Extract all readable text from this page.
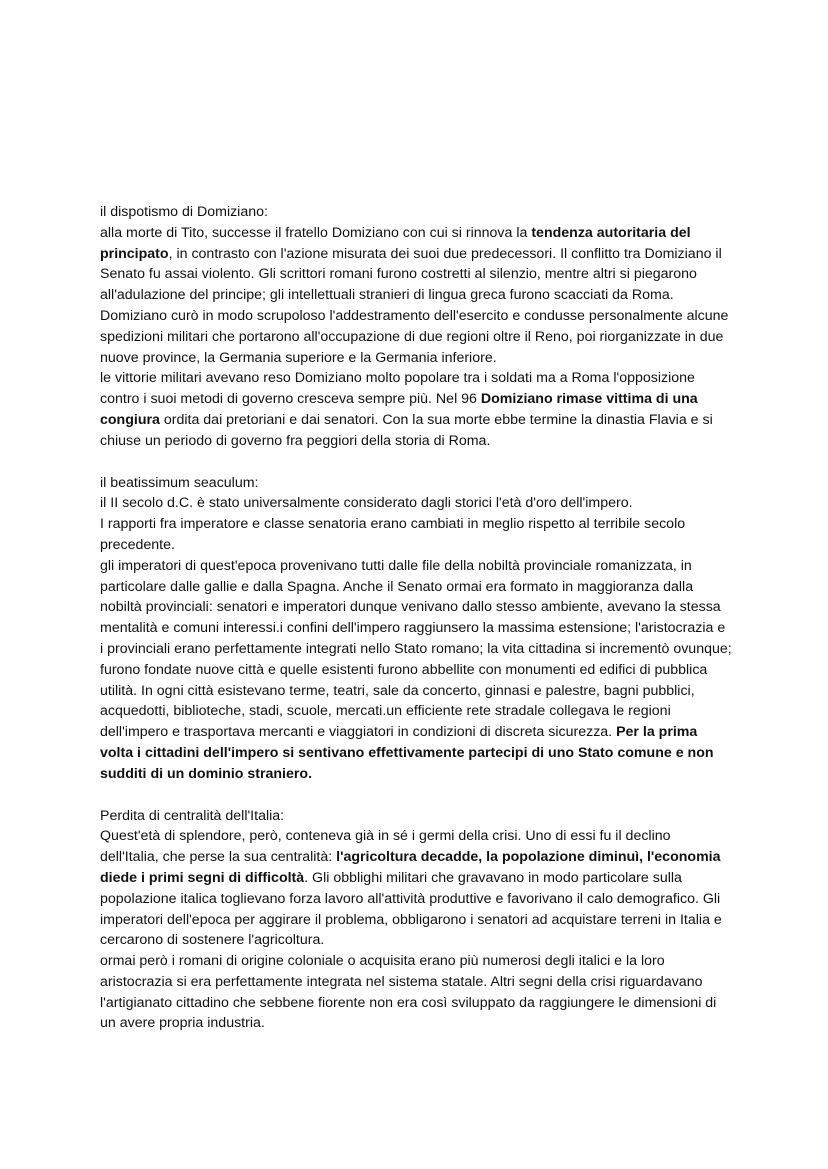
il dispotismo di Domiziano:

alla morte di Tito, successe il fratello Domiziano con cui si rinnova la tendenza autoritaria del principato, in contrasto con l'azione misurata dei suoi due predecessori. Il conflitto tra Domiziano il Senato fu assai violento. Gli scrittori romani furono costretti al silenzio, mentre altri si piegarono all'adulazione del principe; gli intellettuali stranieri di lingua greca furono scacciati da Roma. Domiziano curò in modo scrupoloso l'addestramento dell'esercito e condusse personalmente alcune spedizioni militari che portarono all'occupazione di due regioni oltre il Reno, poi riorganizzate in due nuove province, la Germania superiore e la Germania inferiore.

le vittorie militari avevano reso Domiziano molto popolare tra i soldati ma a Roma l'opposizione contro i suoi metodi di governo cresceva sempre più. Nel 96 Domiziano rimase vittima di una congiura ordita dai pretoriani e dai senatori. Con la sua morte ebbe termine la dinastia Flavia e si chiuse un periodo di governo fra peggiori della storia di Roma.

il beatissimum seaculum:

il II secolo d.C. è stato universalmente considerato dagli storici l'età d'oro dell'impero.

I rapporti fra imperatore e classe senatoria erano cambiati in meglio rispetto al terribile secolo precedente.

gli imperatori di quest'epoca provenivano tutti dalle file della nobiltà provinciale romanizzata, in particolare dalle gallie e dalla Spagna. Anche il Senato ormai era formato in maggioranza dalla nobiltà provinciali: senatori e imperatori dunque venivano dallo stesso ambiente, avevano la stessa mentalità e comuni interessi.i confini dell'impero raggiunsero la massima estensione; l'aristocrazia e i provinciali erano perfettamente integrati nello Stato romano; la vita cittadina si incrementò ovunque; furono fondate nuove città e quelle esistenti furono abbellite con monumenti ed edifici di pubblica utilità. In ogni città esistevano terme, teatri, sale da concerto, ginnasi e palestre, bagni pubblici, acquedotti, biblioteche, stadi, scuole, mercati.un efficiente rete stradale collegava le regioni dell'impero e trasportava mercanti e viaggiatori in condizioni di discreta sicurezza. Per la prima volta i cittadini dell'impero si sentivano effettivamente partecipi di uno Stato comune e non sudditi di un dominio straniero.

Perdita di centralità dell'Italia:

Quest'età di splendore, però, conteneva già in sé i germi della crisi. Uno di essi fu il declino dell'Italia, che perse la sua centralità: l'agricoltura decadde, la popolazione diminuì, l'economia diede i primi segni di difficoltà. Gli obblighi militari che gravavano in modo particolare sulla popolazione italica toglievano forza lavoro all'attività produttive e favorivano il calo demografico. Gli imperatori dell'epoca per aggirare il problema, obbligarono i senatori ad acquistare terreni in Italia e cercarono di sostenere l'agricoltura.

ormai però i romani di origine coloniale o acquisita erano più numerosi degli italici e la loro aristocrazia si era perfettamente integrata nel sistema statale. Altri segni della crisi riguardavano l'artigianato cittadino che sebbene fiorente non era così sviluppato da raggiungere le dimensioni di un avere propria industria.
